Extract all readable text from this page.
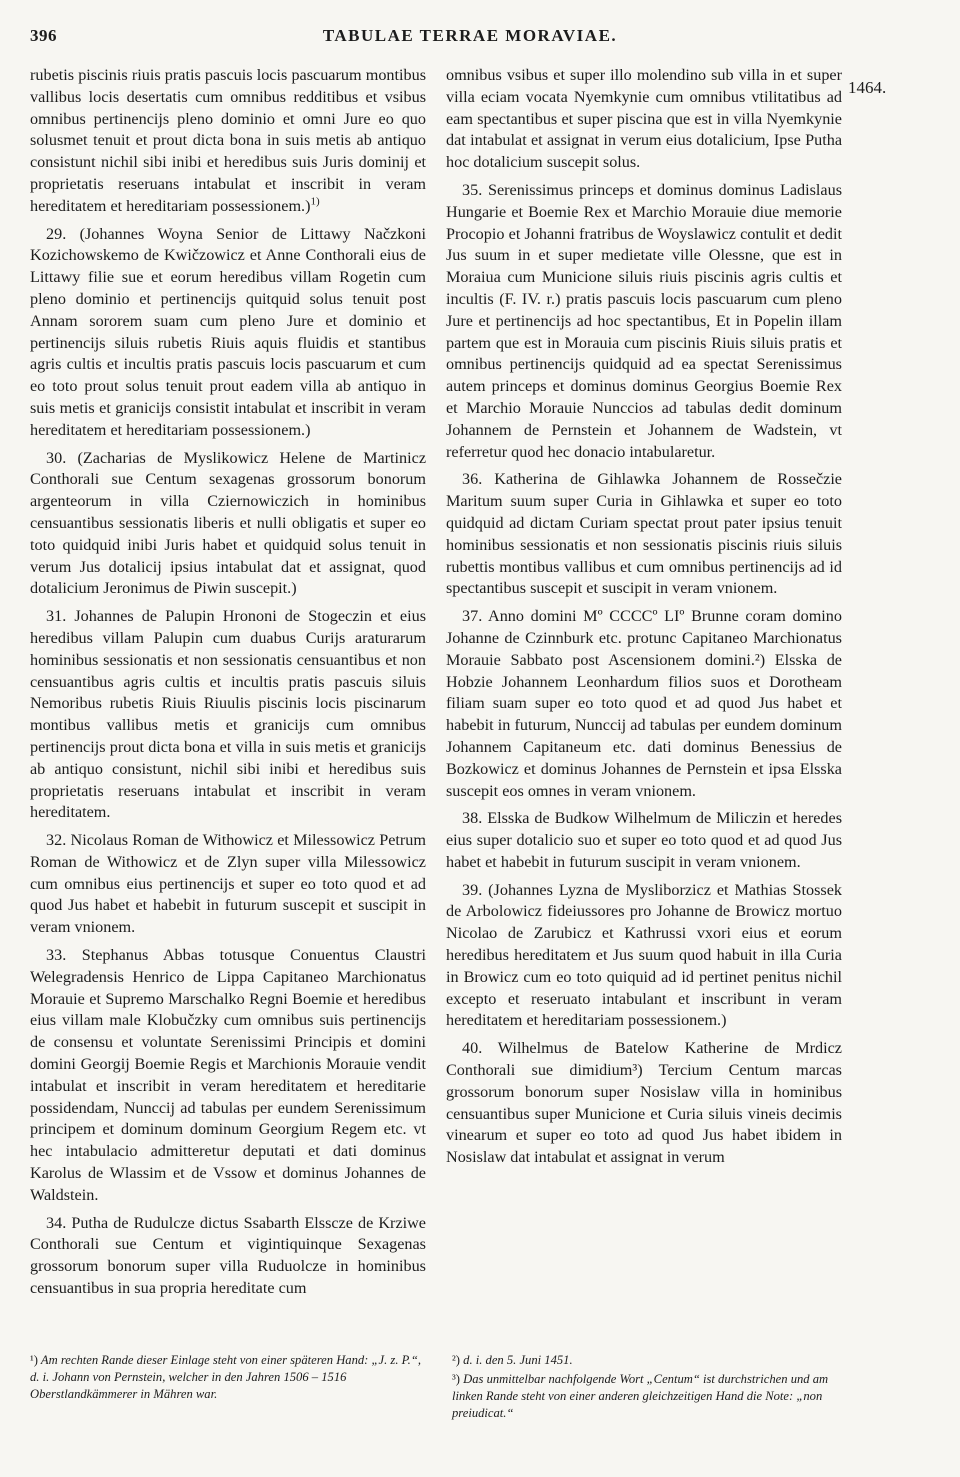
396	TABULAE TERRAE MORAVIAE.

rubetis piscinis riuis pratis pascuis locis pascuarum montibus vallibus locis desertatis cum omnibus redditibus et vsibus omnibus pertinencijs pleno dominio et omni Jure eo quo solusmet tenuit et prout dicta bona in suis metis ab antiquo consistunt nichil sibi inibi et heredibus suis Juris dominij et proprietatis reseruans intabulat et inscribit in veram hereditatem et hereditariam possessionem.)$^{1)}$

29. (Johannes Woyna Senior de Littawy Načzkoni Kozichowskemo de Kwičzowicz et Anne Conthorali eius de Littawy filie sue et eorum heredibus villam Rogetin cum pleno dominio et pertinencijs quitquid solus tenuit post Annam sororem suam cum pleno Jure et dominio et pertinencijs siluis rubetis Riuis aquis fluidis et stantibus agris cultis et incultis pratis pascuis locis pascuarum et cum eo toto prout solus tenuit prout eadem villa ab antiquo in suis metis et granicijs consistit intabulat et inscribit in veram hereditatem et hereditariam possessionem.)

30. (Zacharias de Myslikowicz Helene de Martinicz Conthorali sue Centum sexagenas grossorum bonorum argenteorum in villa Cziernowiczich in hominibus censuantibus sessionatis liberis et nulli obligatis et super eo toto quidquid inibi Juris habet et quidquid solus tenuit in verum Jus dotalicij ipsius intabulat dat et assignat, quod dotalicium Jeronimus de Piwin suscepit.)

31. Johannes de Palupin Hrononi de Stogeczin et eius heredibus villam Palupin cum duabus Curijs araturarum hominibus sessionatis et non sessionatis censuantibus et non censuantibus agris cultis et incultis pratis pascuis siluis Nemoribus rubetis Riuis Riuulis piscinis locis piscinarum montibus vallibus metis et granicijs cum omnibus pertinencijs prout dicta bona et villa in suis metis et granicijs ab antiquo consistunt, nichil sibi inibi et heredibus suis proprietatis reseruans intabulat et inscribit in veram hereditatem.

32. Nicolaus Roman de Withowicz et Milessowicz Petrum Roman de Withowicz et de Zlyn super villa Milessowicz cum omnibus eius pertinencijs et super eo toto quod et ad quod Jus habet et habebit in futurum suscepit et suscipit in veram vnionem.

33. Stephanus Abbas totusque Conuentus Claustri Welegradensis Henrico de Lippa Capitaneo Marchionatus Morauie et Supremo Marschalko Regni Boemie et heredibus eius villam male Klobučzky cum omnibus suis pertinencijs de consensu et voluntate Serenissimi Principis et domini domini Georgij Boemie Regis et Marchionis Morauie vendit intabulat et inscribit in veram hereditatem et hereditarie possidendam, Nunccij ad tabulas per eundem Serenissimum principem et dominum dominum Georgium Regem etc. vt hec intabulacio admitteretur deputati et dati dominus Karolus de Wlassim et de Vssow et dominus Johannes de Waldstein.

34. Putha de Rudulcze dictus Ssabarth Elsscze de Krziwe Conthorali sue Centum et vigintiquinque Sexagenas grossorum bonorum super villa Ruduolcze in hominibus censuantibus in sua propria hereditate cum

omnibus vsibus et super illo molendino sub villa in et super villa eciam vocata Nyemkynie cum omnibus vtilitatibus ad eam spectantibus et super piscina que est in villa Nyemkynie dat intabulat et assignat in verum eius dotalicium, Ipse Putha hoc dotalicium suscepit solus.

35. Serenissimus princeps et dominus dominus Ladislaus Hungarie et Boemie Rex et Marchio Morauie diue memorie Procopio et Johanni fratribus de Woyslawicz contulit et dedit Jus suum in et super medietate ville Olessne, que est in Moraiua cum Municione siluis riuis piscinis agris cultis et incultis (F. IV. r.) pratis pascuis locis pascuarum cum pleno Jure et pertinencijs ad hoc spectantibus, Et in Popelin illam partem que est in Morauia cum piscinis Riuis siluis pratis et omnibus pertinencijs quidquid ad ea spectat Serenissimus autem princeps et dominus dominus Georgius Boemie Rex et Marchio Morauie Nunccios ad tabulas dedit dominum Johannem de Pernstein et Johannem de Wadstein, vt referretur quod hec donacio intabularetur.

36. Katherina de Gihlawka Johannem de Rossečzie Maritum suum super Curia in Gihlawka et super eo toto quidquid ad dictam Curiam spectat prout pater ipsius tenuit hominibus sessionatis et non sessionatis piscinis riuis siluis rubettis montibus vallibus et cum omnibus pertinencijs ad id spectantibus suscepit et suscipit in veram vnionem.

37. Anno domini Mº CCCCº LIº Brunne coram domino Johanne de Czinnburk etc. protunc Capitaneo Marchionatus Morauie Sabbato post Ascensionem domini.²) Elsska de Hobzie Johannem Leonhardum filios suos et Dorotheam filiam suam super eo toto quod et ad quod Jus habet et habebit in futurum, Nunccij ad tabulas per eundem dominum Johannem Capitaneum etc. dati dominus Benessius de Bozkowicz et dominus Johannes de Pernstein et ipsa Elsska suscepit eos omnes in veram vnionem.

38. Elsska de Budkow Wilhelmum de Miliczin et heredes eius super dotalicio suo et super eo toto quod et ad quod Jus habet et habebit in futurum suscipit in veram vnionem.

39. (Johannes Lyzna de Mysliborzicz et Mathias Stossek de Arbolowicz fideiussores pro Johanne de Browicz mortuo Nicolao de Zarubicz et Kathrussi vxori eius et eorum heredibus hereditatem et Jus suum quod habuit in illa Curia in Browicz cum eo toto quiquid ad id pertinet penitus nichil excepto et reseruato intabulant et inscribunt in veram hereditatem et hereditariam possessionem.)

40. Wilhelmus de Batelow Katherine de Mrdicz Conthorali sue dimidium³) Tercium Centum marcas grossorum bonorum super Nosislaw villa in hominibus censuantibus super Municione et Curia siluis vineis decimis vinearum et super eo toto ad quod Jus habet ibidem in Nosislaw dat intabulat et assignat in verum

1464.

¹) Am rechten Rande dieser Einlage steht von einer späteren Hand: „J. z. P.“, d. i. Johann von Pernstein, welcher in den Jahren 1506 – 1516 Oberstlandkämmerer in Mähren war.

²) d. i. den 5. Juni 1451.

³) Das unmittelbar nachfolgende Wort „Centum“ ist durchstrichen und am linken Rande steht von einer anderen gleichzeitigen Hand die Note: „non preiudicat.“
